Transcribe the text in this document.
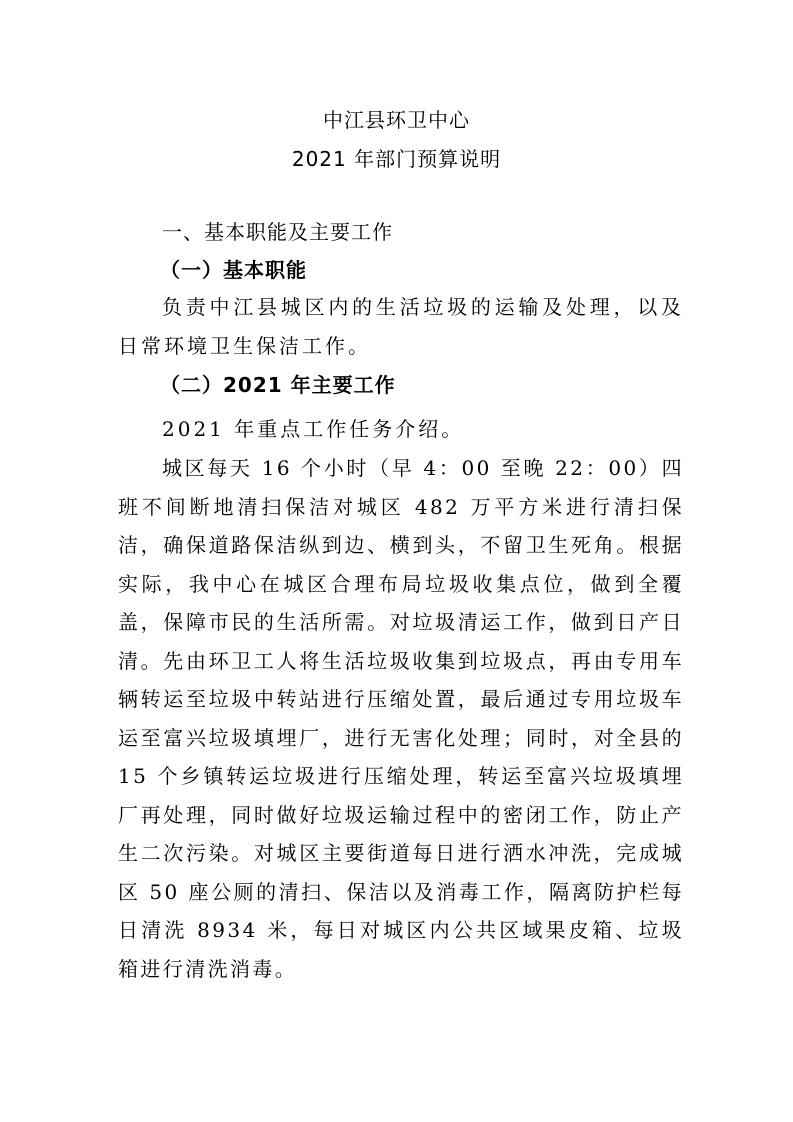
中江县环卫中心
2021 年部门预算说明
一、基本职能及主要工作
（一）基本职能

负责中江县城区内的生活垃圾的运输及处理，以及日常环境卫生保洁工作。

（二）2021 年主要工作

2021 年重点工作任务介绍。

城区每天 16 个小时（早 4：00 至晚 22：00）四班不间断地清扫保洁对城区 482 万平方米进行清扫保洁，确保道路保洁纵到边、横到头，不留卫生死角。根据实际，我中心在城区合理布局垃圾收集点位，做到全覆盖，保障市民的生活所需。对垃圾清运工作，做到日产日清。先由环卫工人将生活垃圾收集到垃圾点，再由专用车辆转运至垃圾中转站进行压缩处置，最后通过专用垃圾车运至富兴垃圾填埋厂，进行无害化处理；同时，对全县的 15 个乡镇转运垃圾进行压缩处理，转运至富兴垃圾填埋厂再处理，同时做好垃圾运输过程中的密闭工作，防止产生二次污染。对城区主要街道每日进行洒水冲洗，完成城区 50 座公厕的清扫、保洁以及消毒工作，隔离防护栏每日清洗 8934 米，每日对城区内公共区域果皮箱、垃圾箱进行清洗消毒。
